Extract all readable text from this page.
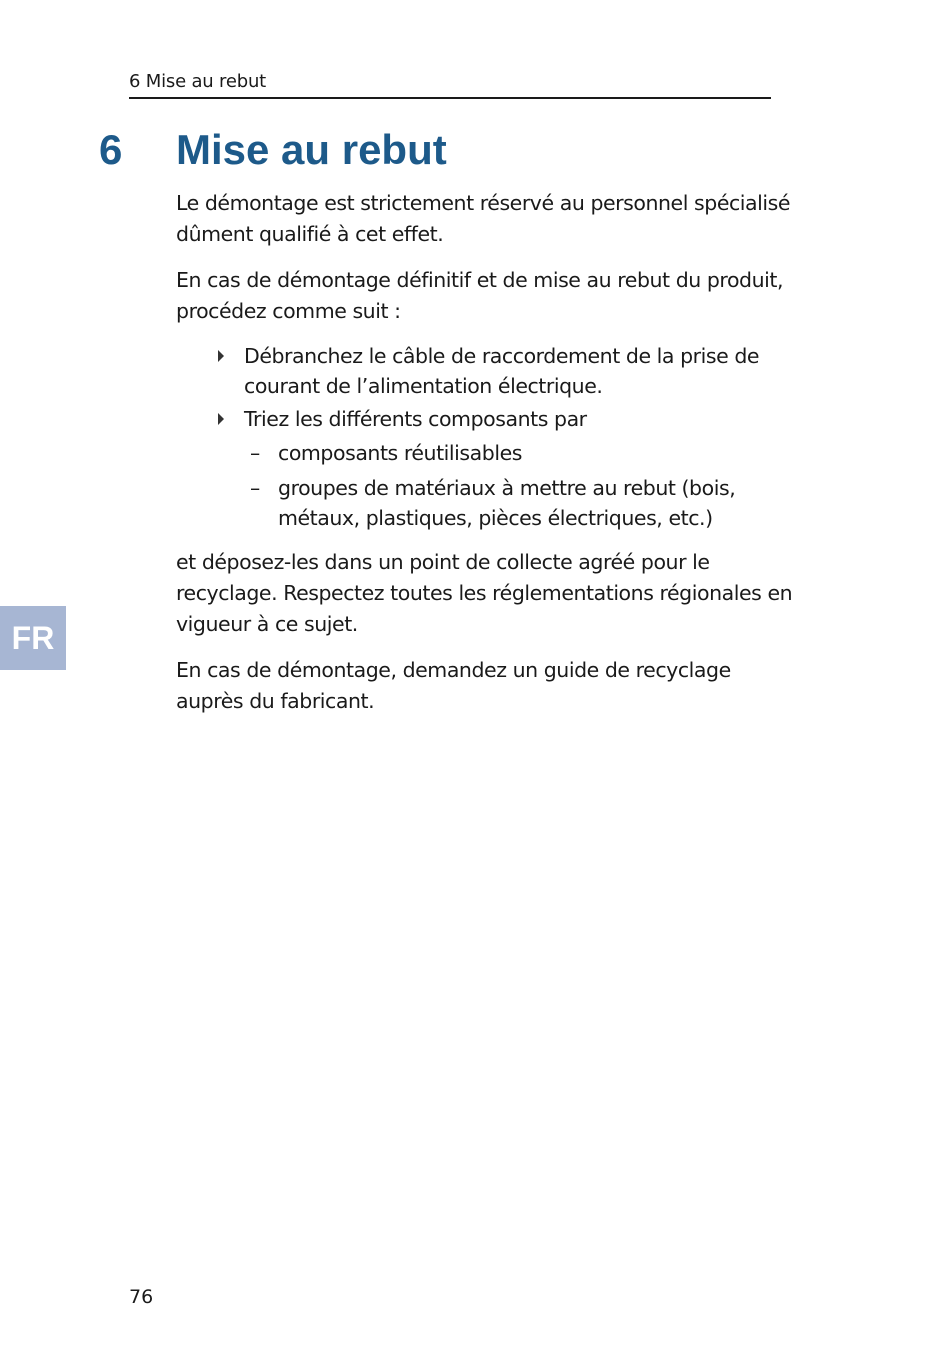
6 Mise au rebut
6 Mise au rebut

Le démontage est strictement réservé au personnel spécialisé dûment qualifié à cet effet.

En cas de démontage définitif et de mise au rebut du produit, procédez comme suit :

Débranchez le câble de raccordement de la prise de courant de l’alimentation électrique.
Triez les différents composants par
– composants réutilisables
– groupes de matériaux à mettre au rebut (bois, métaux, plastiques, pièces électriques, etc.)

et déposez-les dans un point de collecte agréé pour le recyclage. Respectez toutes les réglementations régionales en vigueur à ce sujet.

En cas de démontage, demandez un guide de recyclage auprès du fabricant.

FR
76
